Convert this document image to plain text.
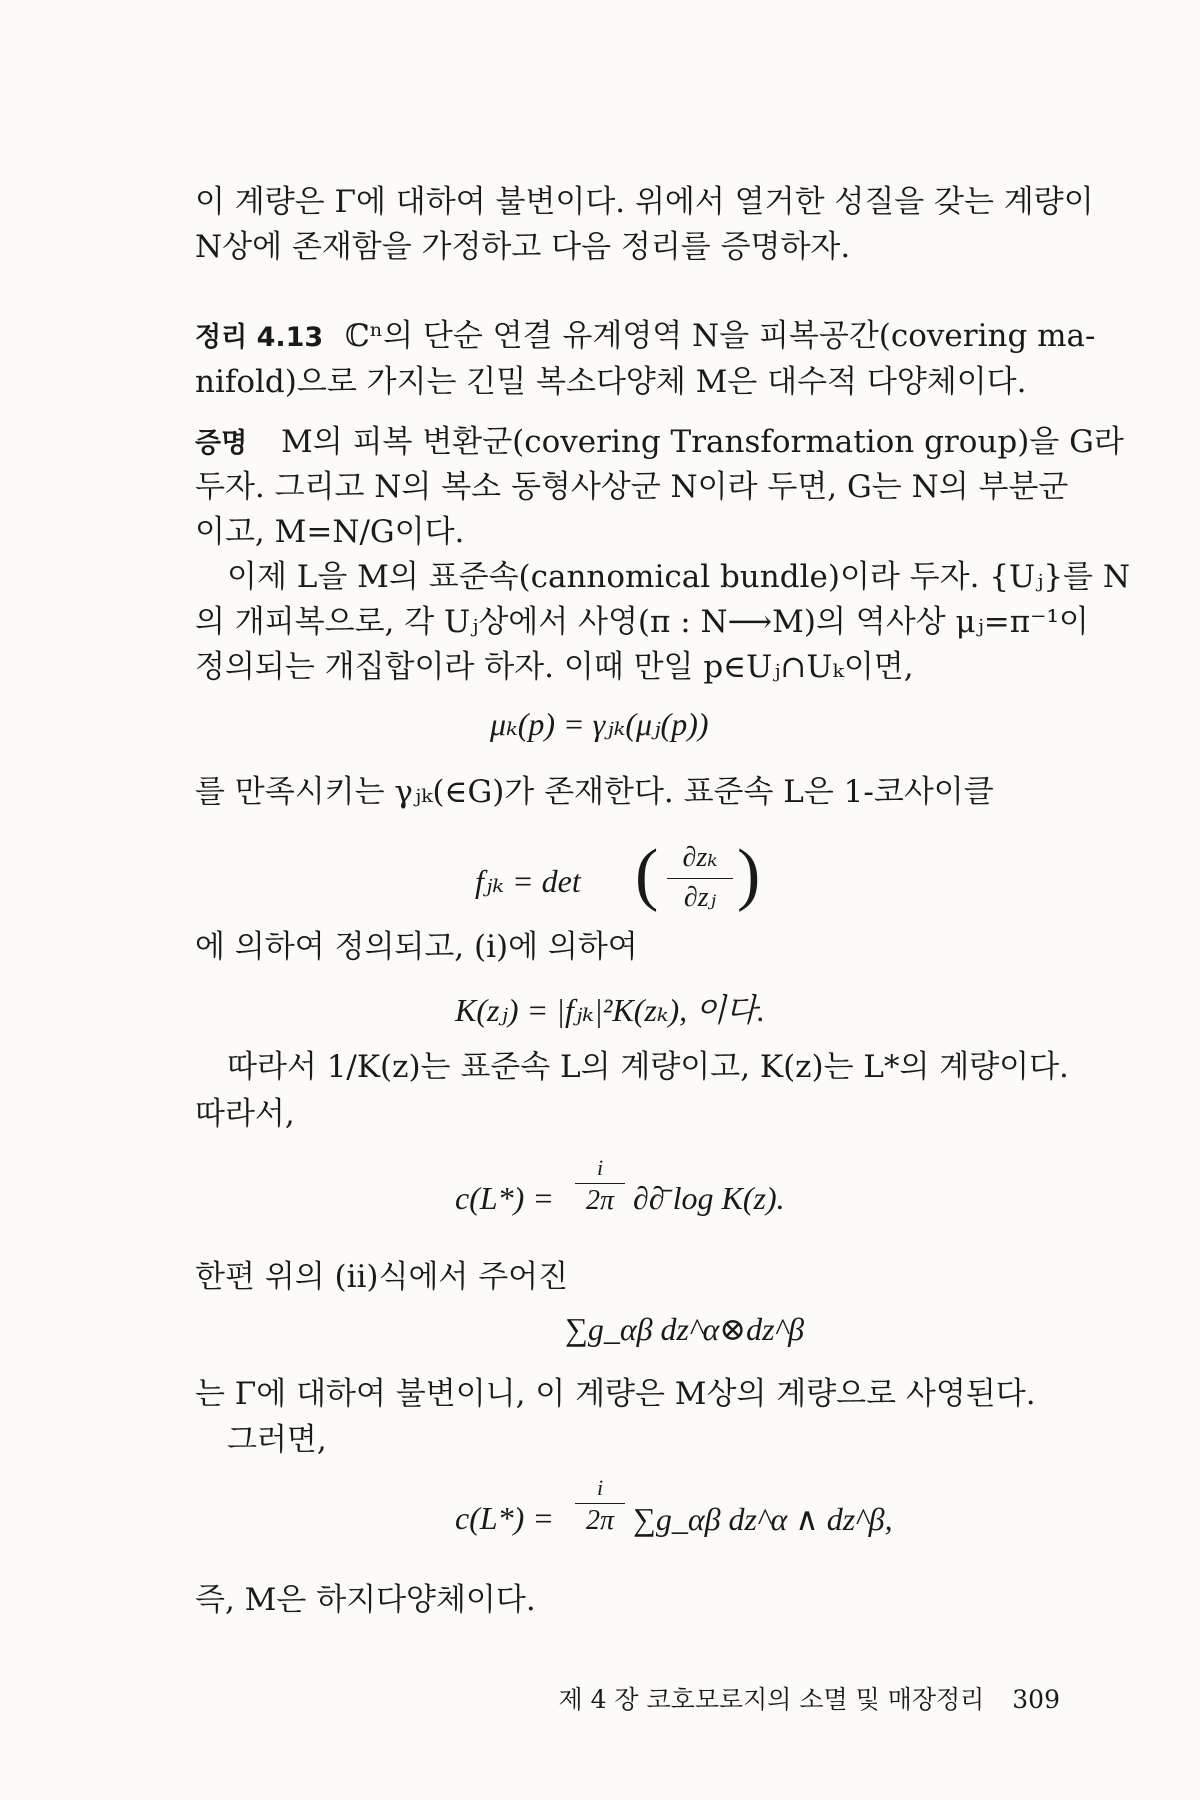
이 계량은 Γ에 대하여 불변이다. 위에서 열거한 성질을 갖는 계량이
N상에 존재함을 가정하고 다음 정리를 증명하자.
정리 4.13 ℂⁿ의 단순 연결 유계영역 N을 피복공간(covering ma-
nifold)으로 가지는 긴밀 복소다양체 M은 대수적 다양체이다.
증명 M의 피복 변환군(covering Transformation group)을 G라
두자. 그리고 N의 복소 동형사상군 N이라 두면, G는 N의 부분군
이고, M=N/G이다.
이제 L을 M의 표준속(cannomical bundle)이라 두자. {Uⱼ}를 N
의 개피복으로, 각 Uⱼ상에서 사영(π : N⟶M)의 역사상 μⱼ=π⁻¹이
정의되는 개집합이라 하자. 이때 만일 p∈Uⱼ∩Uₖ이면,
μₖ(p) = γⱼₖ(μⱼ(p))
를 만족시키는 γⱼₖ(∈G)가 존재한다. 표준속 L은 1-코사이클
fⱼₖ = det ( ∂zₖ
∂zⱼ )
에 의하여 정의되고, (i)에 의하여
K(zⱼ) = |fⱼₖ|²K(zₖ), 이다.
따라서 1/K(z)는 표준속 L의 계량이고, K(z)는 L*의 계량이다.
따라서,
c(L*) =
i
2π ∂∂̄ log K(z).
한편 위의 (ii)식에서 주어진
∑g_αβ dz^α⊗dz^β
는 Γ에 대하여 불변이니, 이 계량은 M상의 계량으로 사영된다.
그러면,
c(L*) =
i
2π ∑g_αβ dz^α ∧ dz^β,
즉, M은 하지다양체이다.
제 4 장 코호모로지의 소멸 및 매장정리 309
